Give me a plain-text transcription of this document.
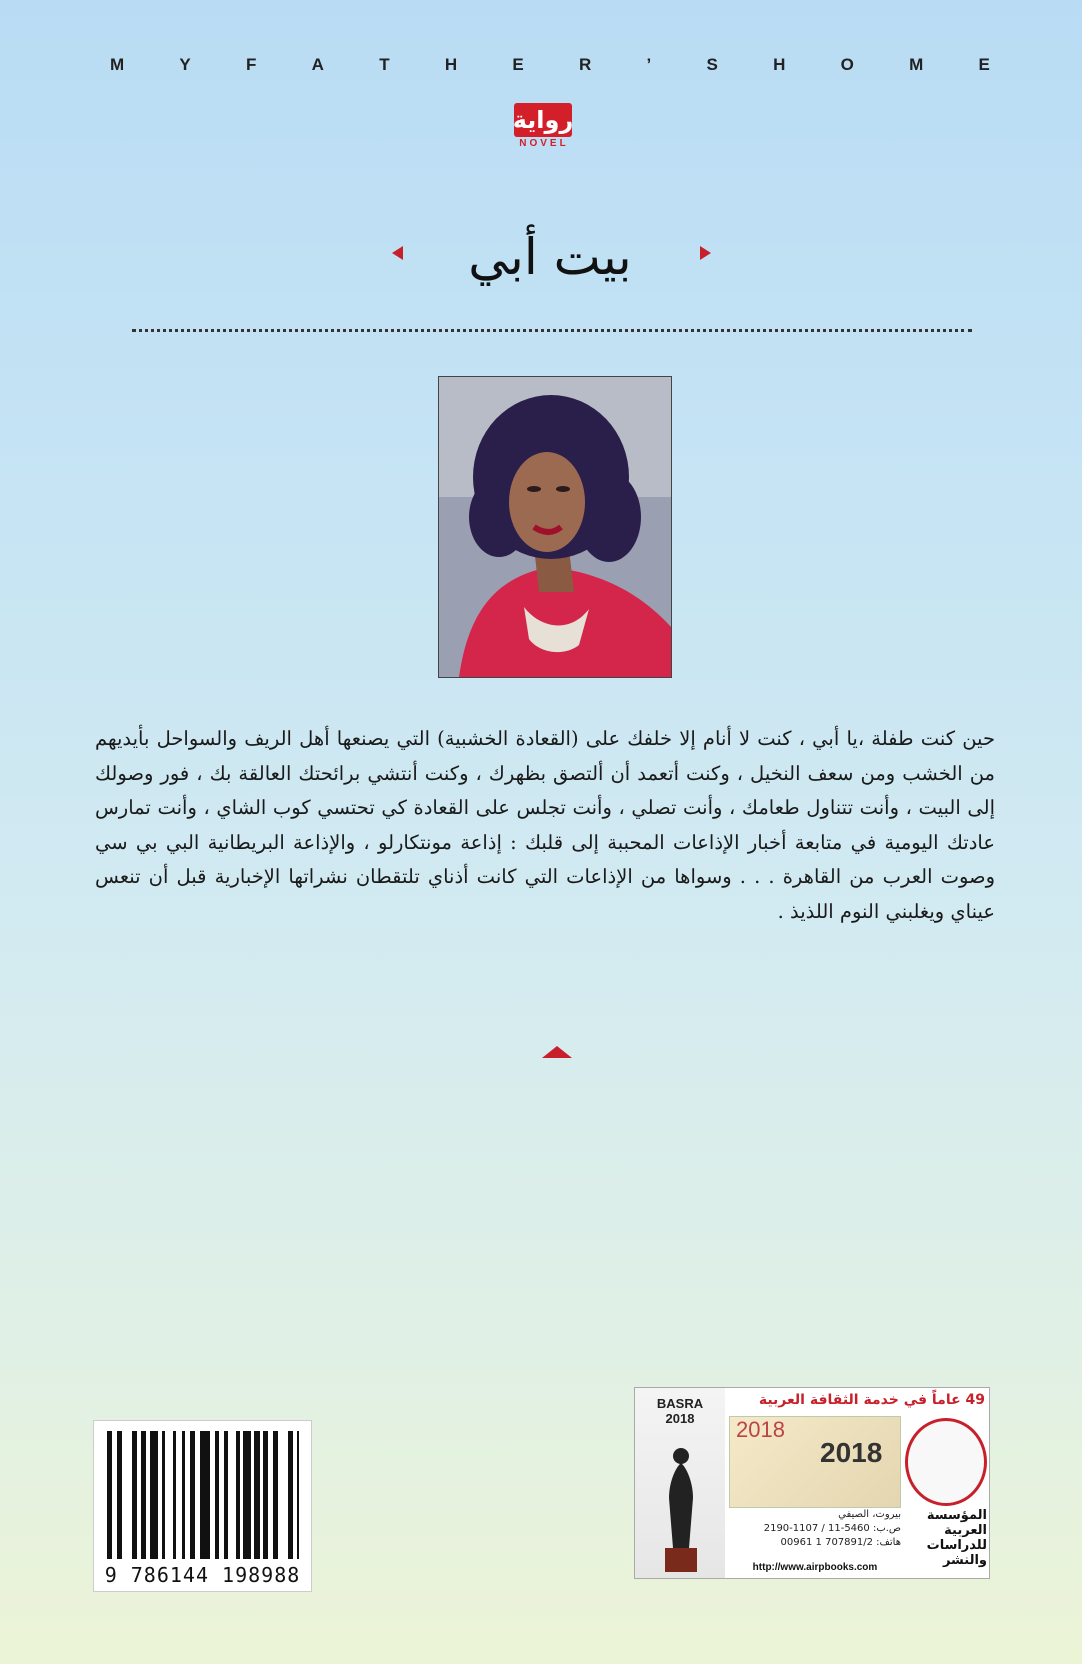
M	Y	F	A	T	H	E	R	’	S	H	O	M	E
رواية
NOVEL
بيت أبي

حين كنت طفلة ،يا أبي ، كنت لا أنام إلا خلفك على (القعادة الخشبية) التي يصنعها أهل الريف والسواحل بأيديهم من الخشب ومن سعف النخيل ، وكنت أتعمد أن ألتصق بظهرك ، وكنت أنتشي برائحتك العالقة بك ، فور وصولك إلى البيت ، وأنت تتناول طعامك ، وأنت تصلي ، وأنت تجلس على القعادة كي تحتسي كوب الشاي ، وأنت تمارس عادتك اليومية في متابعة أخبار الإذاعات المحببة إلى قلبك : إذاعة مونتكارلو ، والإذاعة البريطانية البي بي سي وصوت العرب من القاهرة . . . وسواها من الإذاعات التي كانت أذناي تلتقطان نشراتها الإخبارية قبل أن تنعس عيناي ويغلبني النوم اللذيذ .

9 786144 198988
BASRA
2018
49 عاماً في خدمة الثقافة العربية
2018
2018
المؤسسة العربية للدراسات والنشر
بيروت، الصيفي
ص.ب: 5460-11 / 1107-2190
هاتف: 707891/2 1 00961
http://www.airpbooks.com
